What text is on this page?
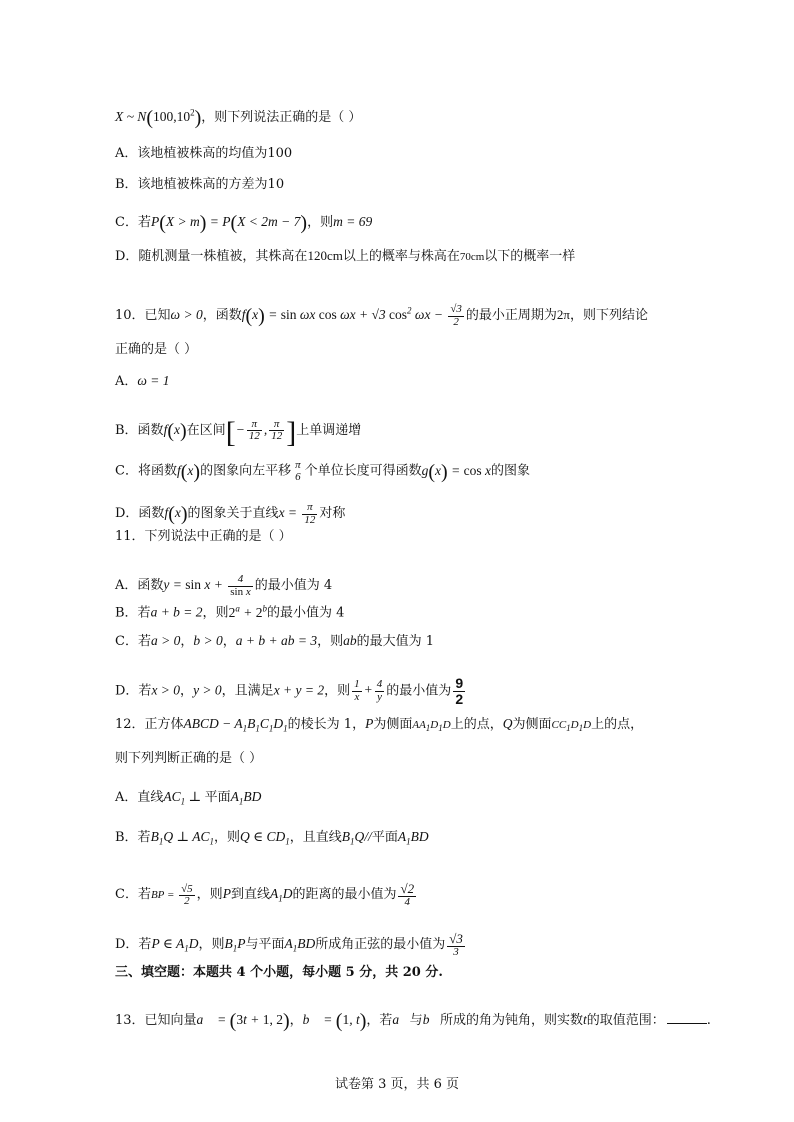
X ~ N(100,10$^2$)，则下列说法正确的是（ ）
A．该地植被株高的均值为100
B．该地植被株高的方差为10
C．若P(X > m) = P(X < 2m − 7)，则m = 69
D．随机测量一株植被，其株高在120cm以上的概率与株高在70cm以下的概率一样
10．已知ω > 0，函数f(x) = sin ωx cos ωx + √3 $\cos^2 \omega x - \frac{√3}{2}$ 的最小正周期为2π，则下列结论
正确的是（ ）
A．ω = 1
B．函数f(x)在区间[− $\frac{\pi}{12}$ , $\frac{\pi}{12}$ ]上单调递增
C．将函数f(x)的图象向左平移 π
6 个单位长度可得函数g(x) = cos x的图象
D．函数f(x)的图象关于直线$x = \frac{\pi}{12}$ 对称
11．下列说法中正确的是（ ）
A．函数$y = \sin x + \frac{4}{\text{sin x}}$ 的最小值为 4
B．若a + b = 2，则$2^a + 2^b$的最小值为 4
C．若a > 0，b > 0，a + b + ab = 3，则ab的最大值为 1
D．若x > 0，y > 0，且满足x + y = 2，则 $\frac{1}{x} + \frac{4}{y}$ 的最小值为 $\frac{9}{2}$
12．正方体ABCD − $A_1B_1C_1D_1$的棱长为 1，P为侧面$AA_1D_1D$上的点，Q为侧面$CC_1D_1D$上的点，
则下列判断正确的是（ ）
A．直线$AC_1$ ⊥ 平面$A_1BD$
B．若$B_1Q$ ⊥ $AC_1$，则Q ∈ $CD_1$，且直线$B_1Q//$平面$A_1BD$
C．若BP = $\frac{√5}{2}$ ，则P到直线$A_1D$的距离的最小值为 $\frac{√2}{4}$
D．若P ∈ $A_1D$，则$B_1P$与平面$A_1BD$所成角正弦的最小值为 $\frac{√3}{3}$
三、填空题：本题共 4 个小题，每小题 5 分，共 20 分.
13．已知向量a⃗ = (3t + 1, 2)，b⃗ = (1, t)，若a⃗与b⃗所成的角为钝角，则实数t的取值范围：	.
试卷第 3 页，共 6 页
